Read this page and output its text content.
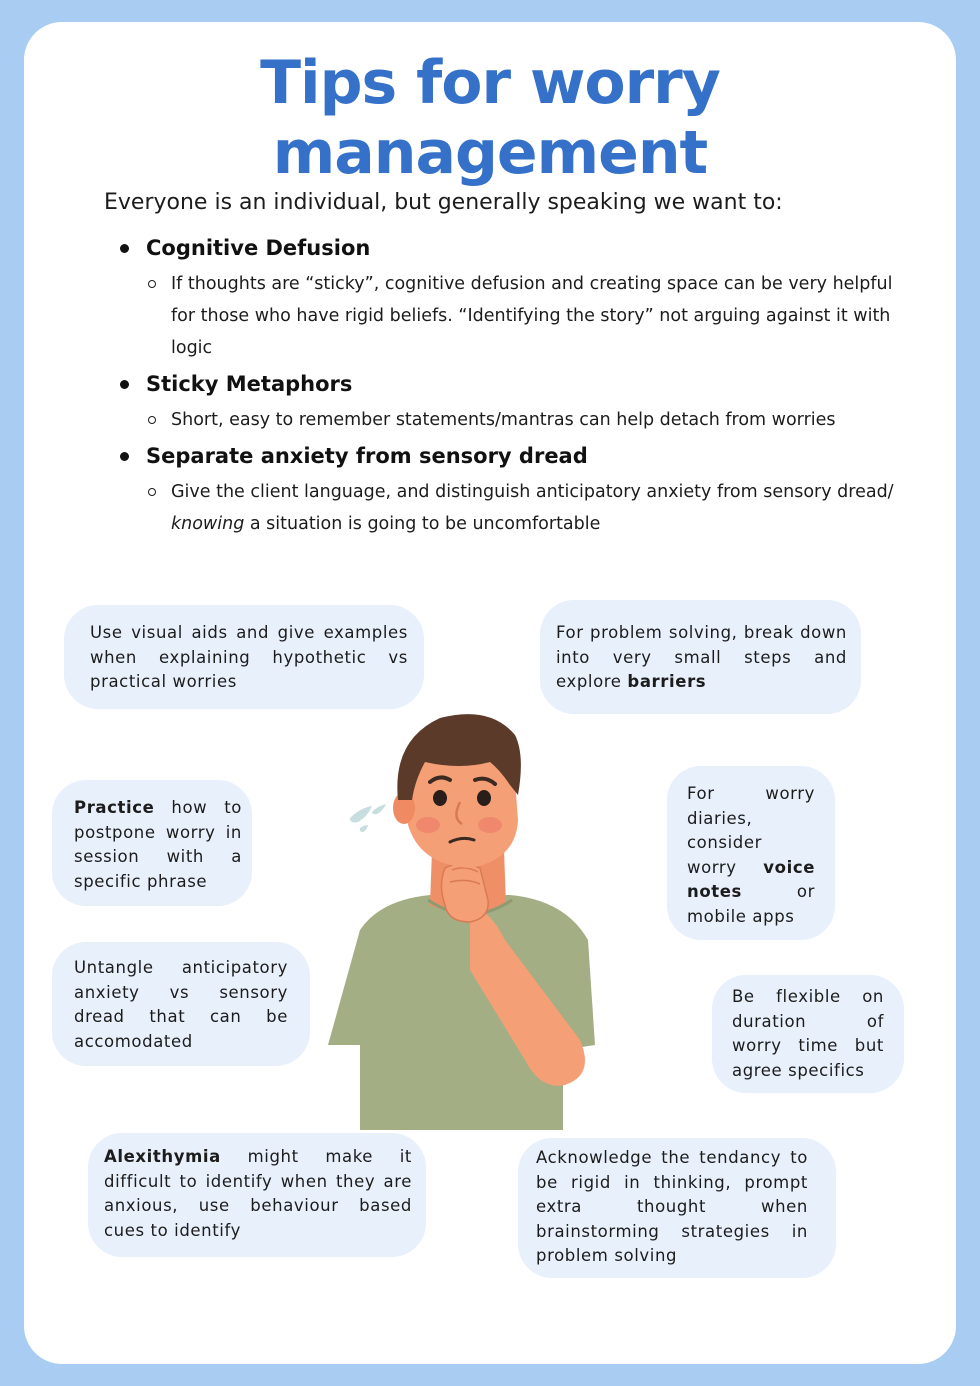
Tips for worry
management

Everyone is an individual, but generally speaking we want to:

Cognitive Defusion
If thoughts are “sticky”, cognitive defusion and creating space can be very helpful for those who have rigid beliefs. “Identifying the story” not arguing against it with logic
Sticky Metaphors
Short, easy to remember statements/mantras can help detach from worries
Separate anxiety from sensory dread
Give the client language, and distinguish anticipatory anxiety from sensory dread/ knowing a situation is going to be uncomfortable
Use visual aids and give examples when explaining hypothetic vs practical worries
For problem solving, break down into very small steps and explore barriers
Practice how to postpone worry in session with a specific phrase
For worry diaries, consider worry voice notes or mobile apps
Untangle anticipatory anxiety vs sensory dread that can be accomodated
Be flexible on duration of worry time but agree specifics
Alexithymia might make it difficult to identify when they are anxious, use behaviour based cues to identify
Acknowledge the tendancy to be rigid in thinking, prompt extra thought when brainstorming strategies in problem solving
